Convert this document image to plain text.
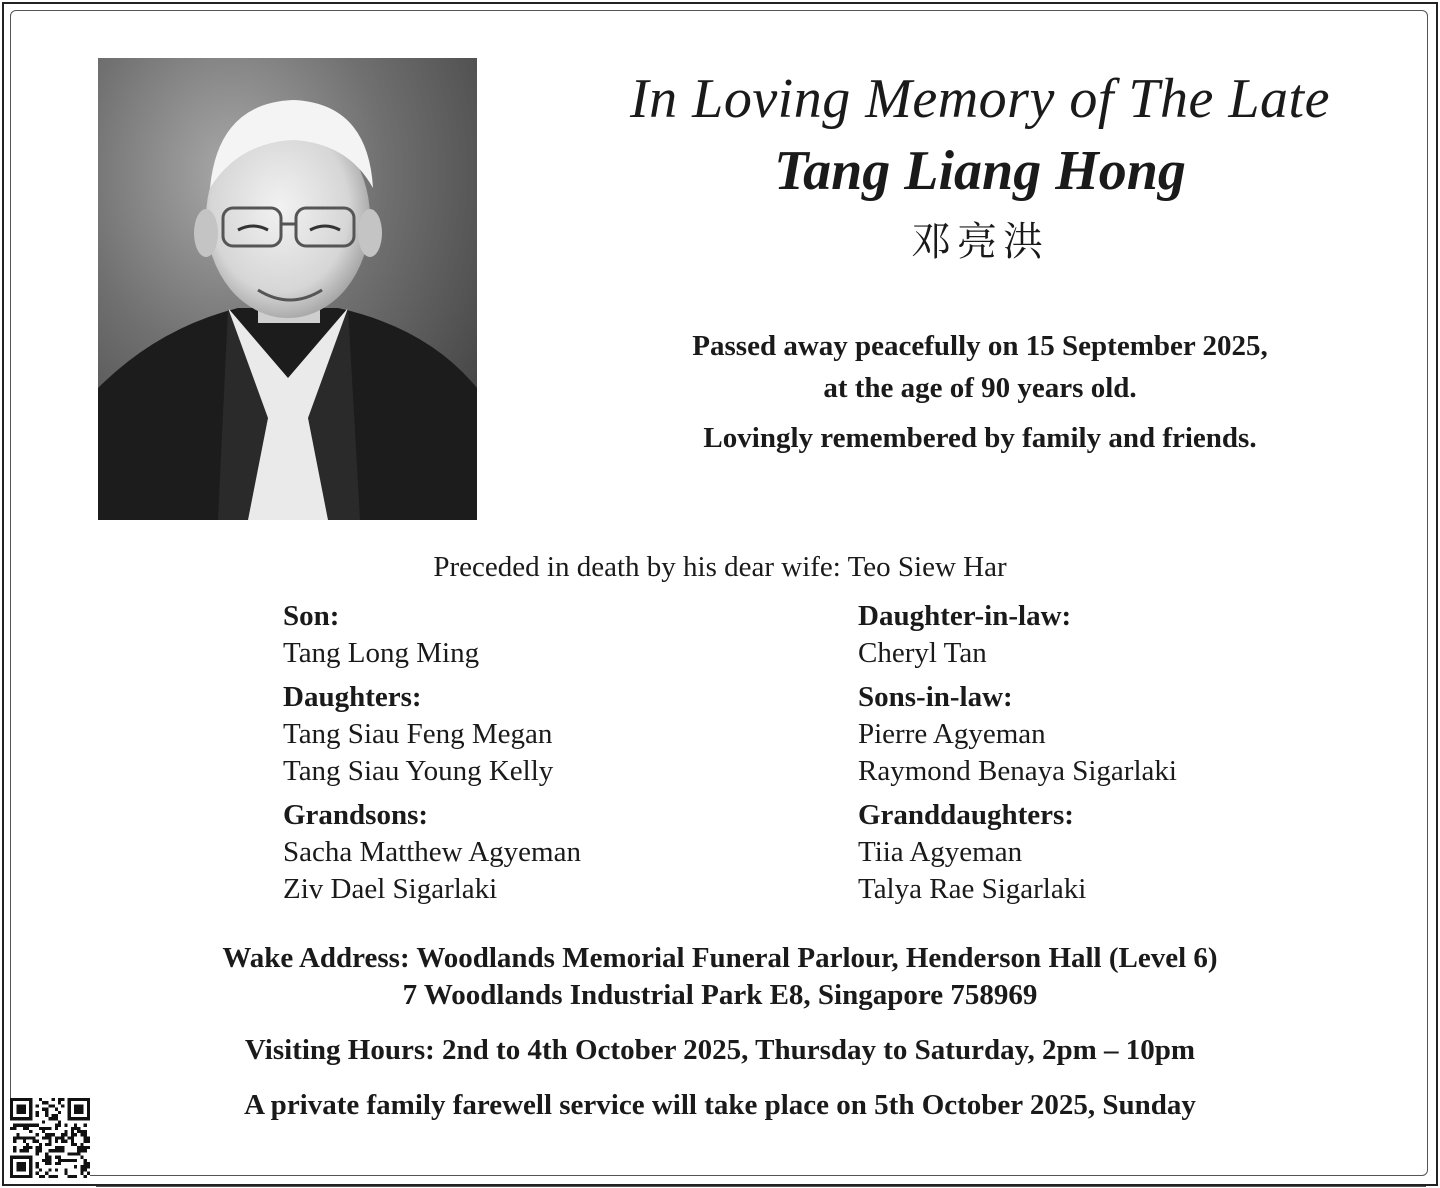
In Loving Memory of The Late
Tang Liang Hong
邓亮洪
Passed away peacefully on 15 September 2025,
at the age of 90 years old.
Lovingly remembered by family and friends.
Preceded in death by his dear wife: Teo Siew Har
Son:
Tang Long Ming
Daughters:
Tang Siau Feng Megan
Tang Siau Young Kelly
Grandsons:
Sacha Matthew Agyeman
Ziv Dael Sigarlaki
Daughter-in-law:
Cheryl Tan
Sons-in-law:
Pierre Agyeman
Raymond Benaya Sigarlaki
Granddaughters:
Tiia Agyeman
Talya Rae Sigarlaki
Wake Address: Woodlands Memorial Funeral Parlour, Henderson Hall (Level 6)
7 Woodlands Industrial Park E8, Singapore 758969
Visiting Hours: 2nd to 4th October 2025, Thursday to Saturday, 2pm – 10pm
A private family farewell service will take place on 5th October 2025, Sunday
